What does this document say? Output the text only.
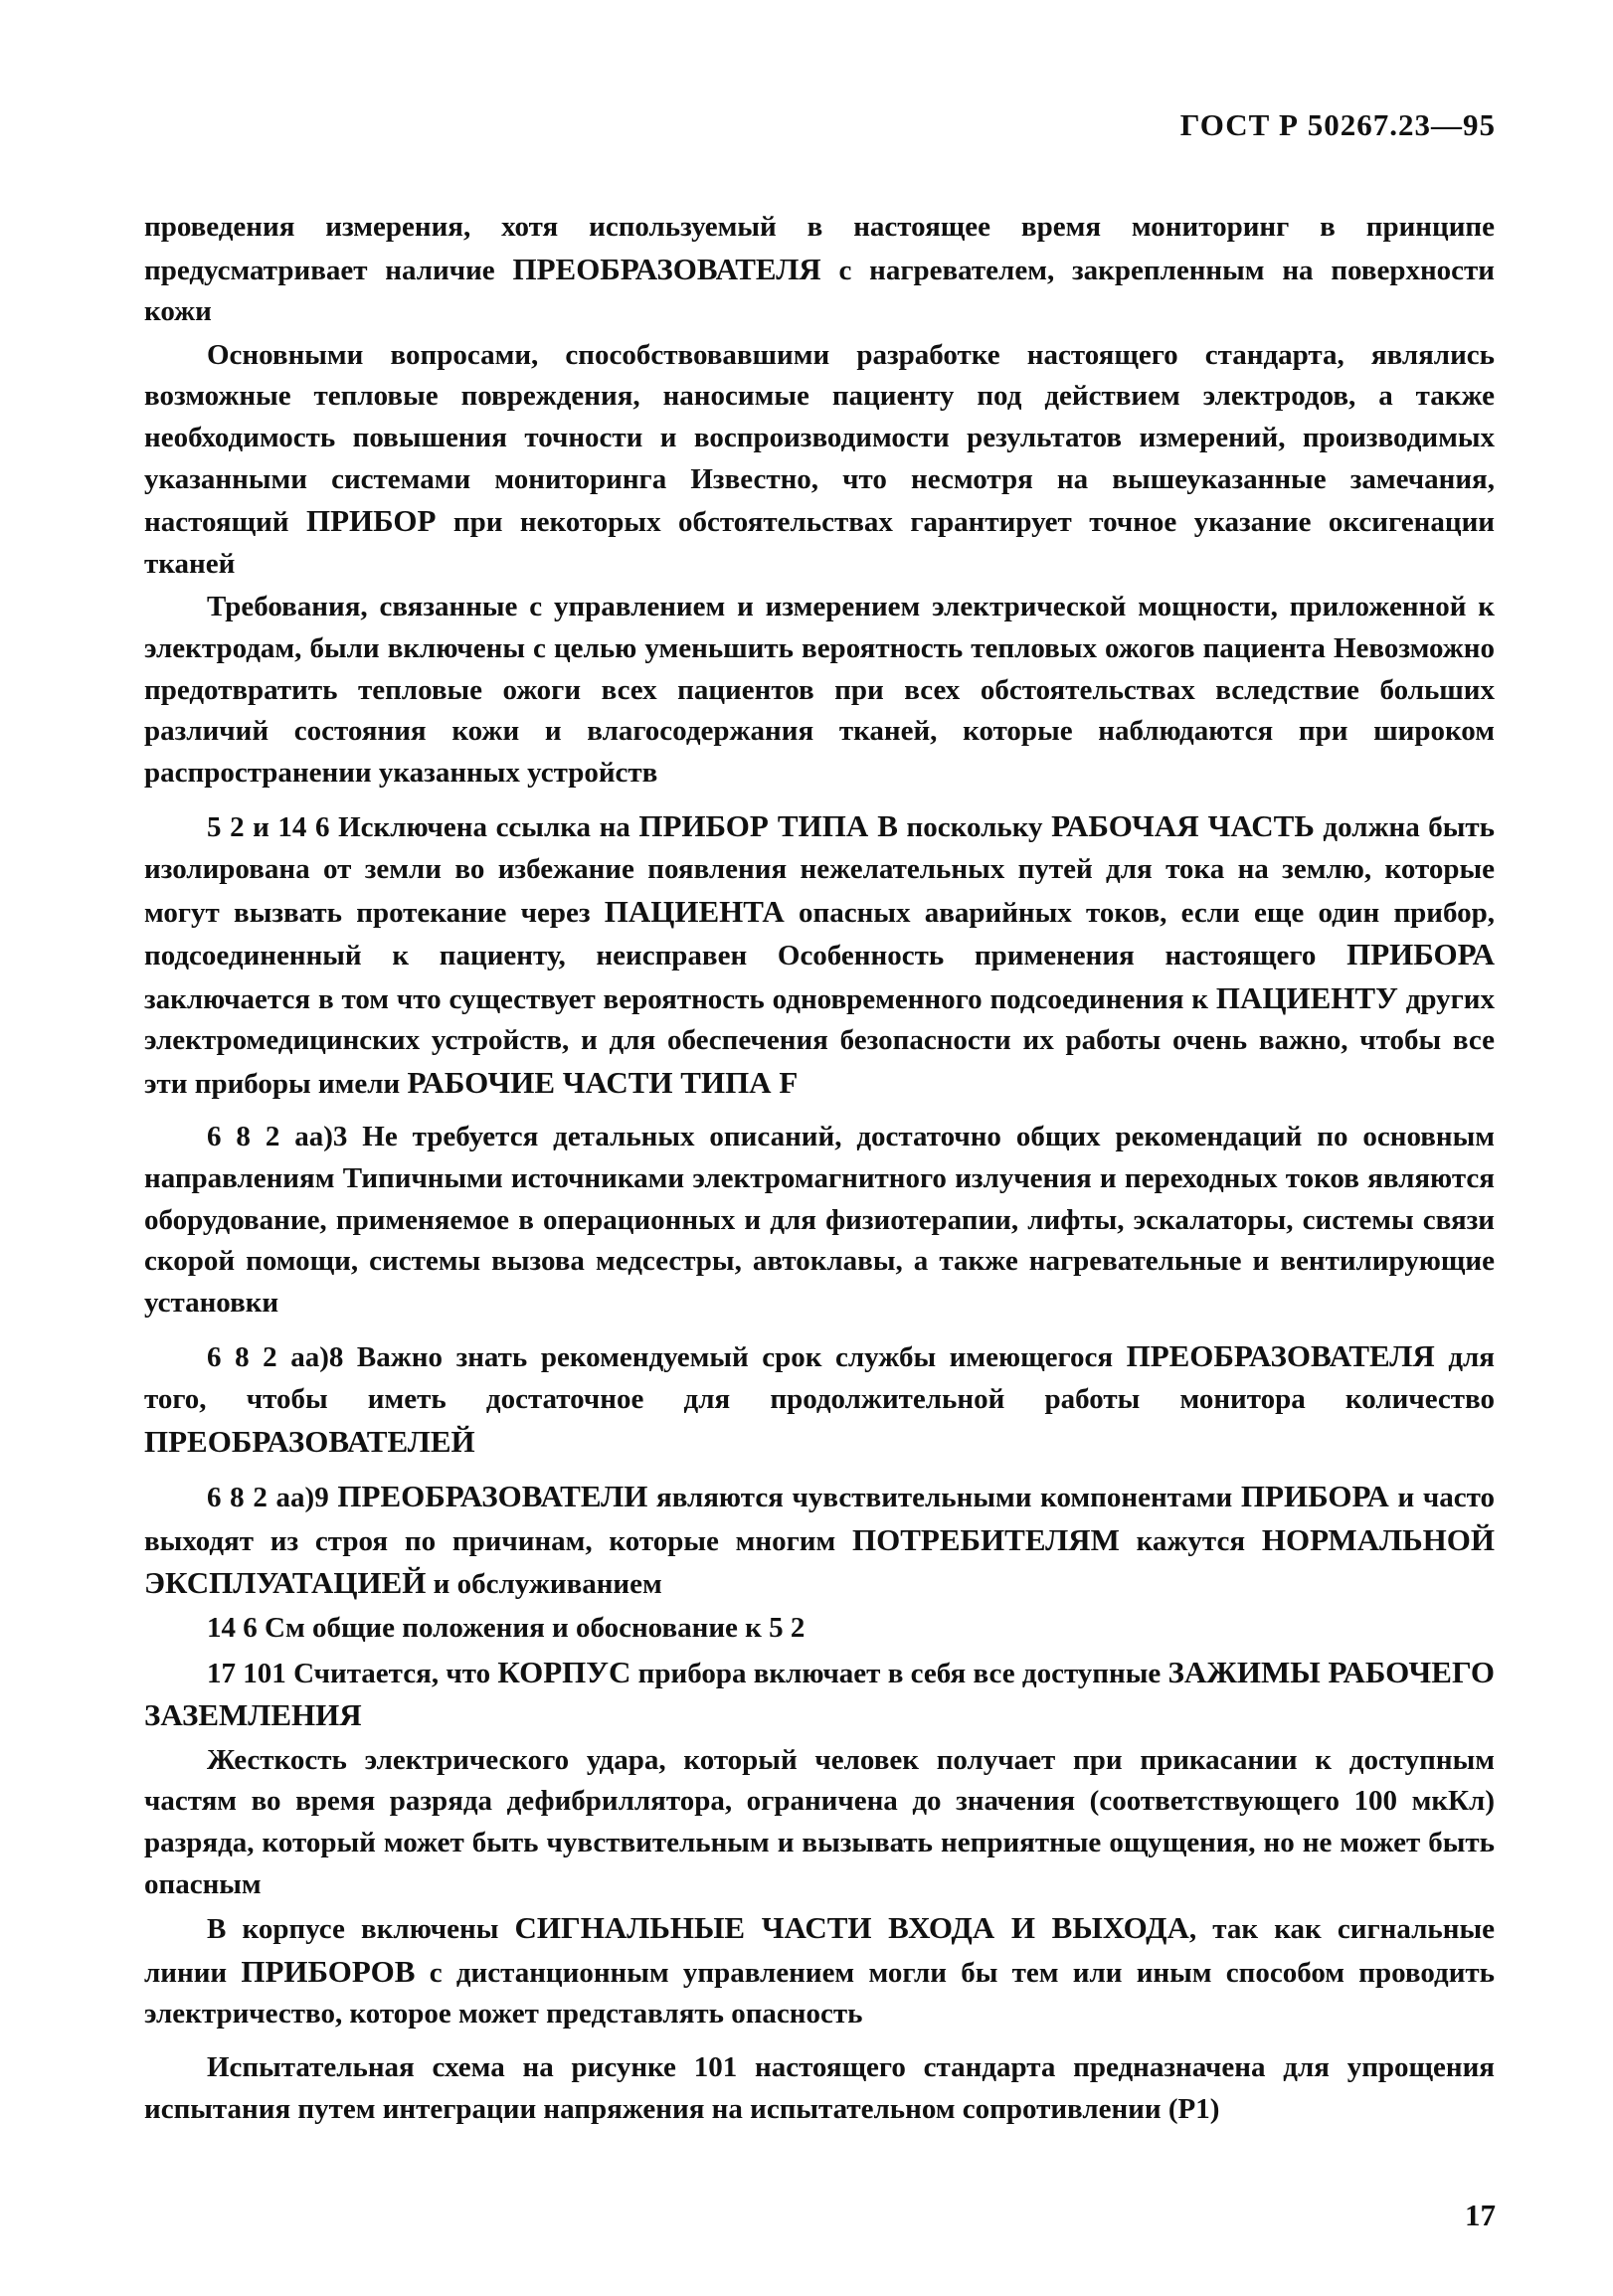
ГОСТ Р 50267.23—95

проведения измерения, хотя используемый в настоящее время мониторинг в принципе предусматривает наличие ПРЕОБРАЗОВАТЕЛЯ с нагревателем, закрепленным на поверхности кожи

Основными вопросами, способствовавшими разработке настоящего стандарта, являлись возможные тепловые повреждения, наносимые пациенту под действием электродов, а также необходимость повышения точности и воспроизводимости результатов измерений, производимых указанными системами мониторинга Известно, что несмотря на вышеуказанные замечания, настоящий ПРИБОР при некоторых обстоятельствах гарантирует точное указание оксигенации тканей

Требования, связанные с управлением и измерением электрической мощности, приложенной к электродам, были включены с целью уменьшить вероятность тепловых ожогов пациента Невозможно предотвратить тепловые ожоги всех пациентов при всех обстоятельствах вследствие больших различий состояния кожи и влагосодержания тканей, которые наблюдаются при широком распространении указанных устройств

5 2 и 14 6 Исключена ссылка на ПРИБОР ТИПА В поскольку РАБОЧАЯ ЧАСТЬ должна быть изолирована от земли во избежание появления нежелательных путей для тока на землю, которые могут вызвать протекание через ПАЦИЕНТА опасных аварийных токов, если еще один прибор, подсоединенный к пациенту, неисправен Особенность применения настоящего ПРИБОРА заключается в том что существует вероятность одновременного подсоединения к ПАЦИЕНТУ других электромедицинских устройств, и для обеспечения безопасности их работы очень важно, чтобы все эти приборы имели РАБОЧИЕ ЧАСТИ ТИПА F

6 8 2 аа)3 Не требуется детальных описаний, достаточно общих рекомендаций по основным направлениям Типичными источниками электромагнитного излучения и переходных токов являются оборудование, применяемое в операционных и для физиотерапии, лифты, эскалаторы, системы связи скорой помощи, системы вызова медсестры, автоклавы, а также нагревательные и вентилирующие установки

6 8 2 аа)8 Важно знать рекомендуемый срок службы имеющегося ПРЕОБРАЗОВАТЕЛЯ для того, чтобы иметь достаточное для продолжительной работы монитора количество ПРЕОБРАЗОВАТЕЛЕЙ

6 8 2 аа)9 ПРЕОБРАЗОВАТЕЛИ являются чувствительными компонентами ПРИБОРА и часто выходят из строя по причинам, которые многим ПОТРЕБИТЕЛЯМ кажутся НОРМАЛЬНОЙ ЭКСПЛУАТАЦИЕЙ и обслуживанием

14 6 См общие положения и обоснование к 5 2

17 101 Считается, что КОРПУС прибора включает в себя все доступные ЗАЖИМЫ РАБОЧЕГО ЗАЗЕМЛЕНИЯ

Жесткость электрического удара, который человек получает при прикасании к доступным частям во время разряда дефибриллятора, ограничена до значения (соответствующего 100 мкКл) разряда, который может быть чувствительным и вызывать неприятные ощущения, но не может быть опасным

В корпусе включены СИГНАЛЬНЫЕ ЧАСТИ ВХОДА И ВЫХОДА, так как сигнальные линии ПРИБОРОВ с дистанционным управлением могли бы тем или иным способом проводить электричество, которое может представлять опасность

Испытательная схема на рисунке 101 настоящего стандарта предназначена для упрощения испытания путем интеграции напряжения на испытательном сопротивлении (Р1)

17
